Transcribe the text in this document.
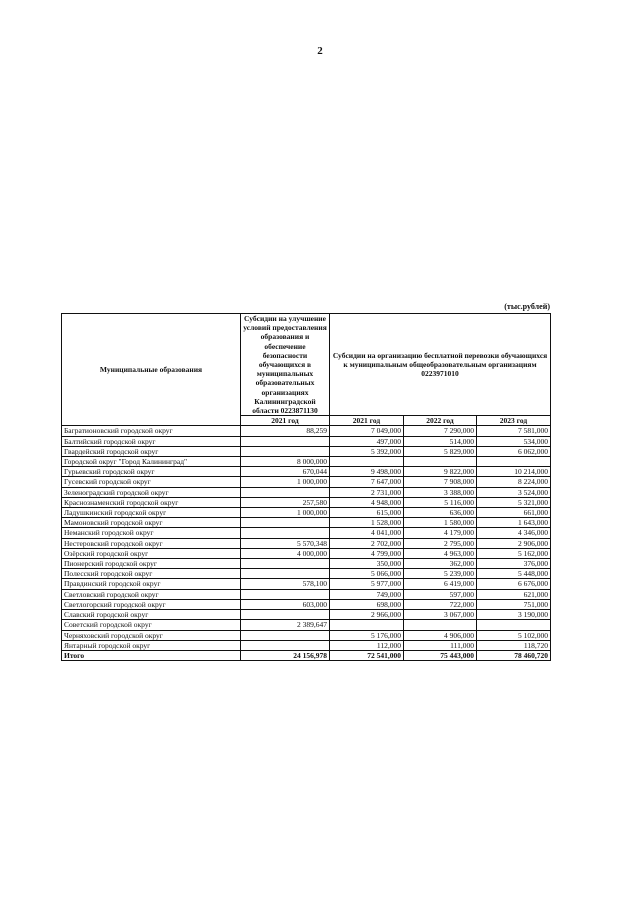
2
(тыс.рублей)
Муниципальные образования	Субсидии на улучшение условий предоставления образования и обеспечение безопасности обучающихся в муниципальных образовательных организациях Калининградской области 0223871130	Субсидии на организацию бесплатной перевозки обучающихся к муниципальным общеобразовательным организациям 0223971010		
	2021 год	2021 год	2022 год	2023 год
Багратионовский городской округ	88,259	7 049,000	7 290,000	7 581,000
Балтийский городской округ		497,000	514,000	534,000
Гвардейский городской округ		5 392,000	5 829,000	6 062,000
Городской округ "Город Калининград"	8 000,000			
Гурьевский городской округ	670,044	9 498,000	9 822,000	10 214,000
Гусевский городской округ	1 000,000	7 647,000	7 908,000	8 224,000
Зеленоградский городской округ		2 731,000	3 388,000	3 524,000
Краснознаменский городской округ	257,580	4 948,000	5 116,000	5 321,000
Ладушкинский городской округ	1 000,000	615,000	636,000	661,000
Мамоновский городской округ		1 528,000	1 580,000	1 643,000
Неманский городской округ		4 041,000	4 179,000	4 346,000
Нестеровский городской округ	5 570,348	2 702,000	2 795,000	2 906,000
Озёрский городской округ	4 000,000	4 799,000	4 963,000	5 162,000
Пионерский городской округ		350,000	362,000	376,000
Полесский городской округ		5 066,000	5 239,000	5 448,000
Правдинский городской округ	578,100	5 977,000	6 419,000	6 676,000
Светловский городской округ		749,000	597,000	621,000
Светлогорский городской округ	603,000	698,000	722,000	751,000
Славский городской округ		2 966,000	3 067,000	3 190,000
Советский городской округ	2 389,647			
Черняховский городской округ		5 176,000	4 906,000	5 102,000
Янтарный городской округ		112,000	111,000	118,720
Итого	24 156,978	72 541,000	75 443,000	78 460,720
